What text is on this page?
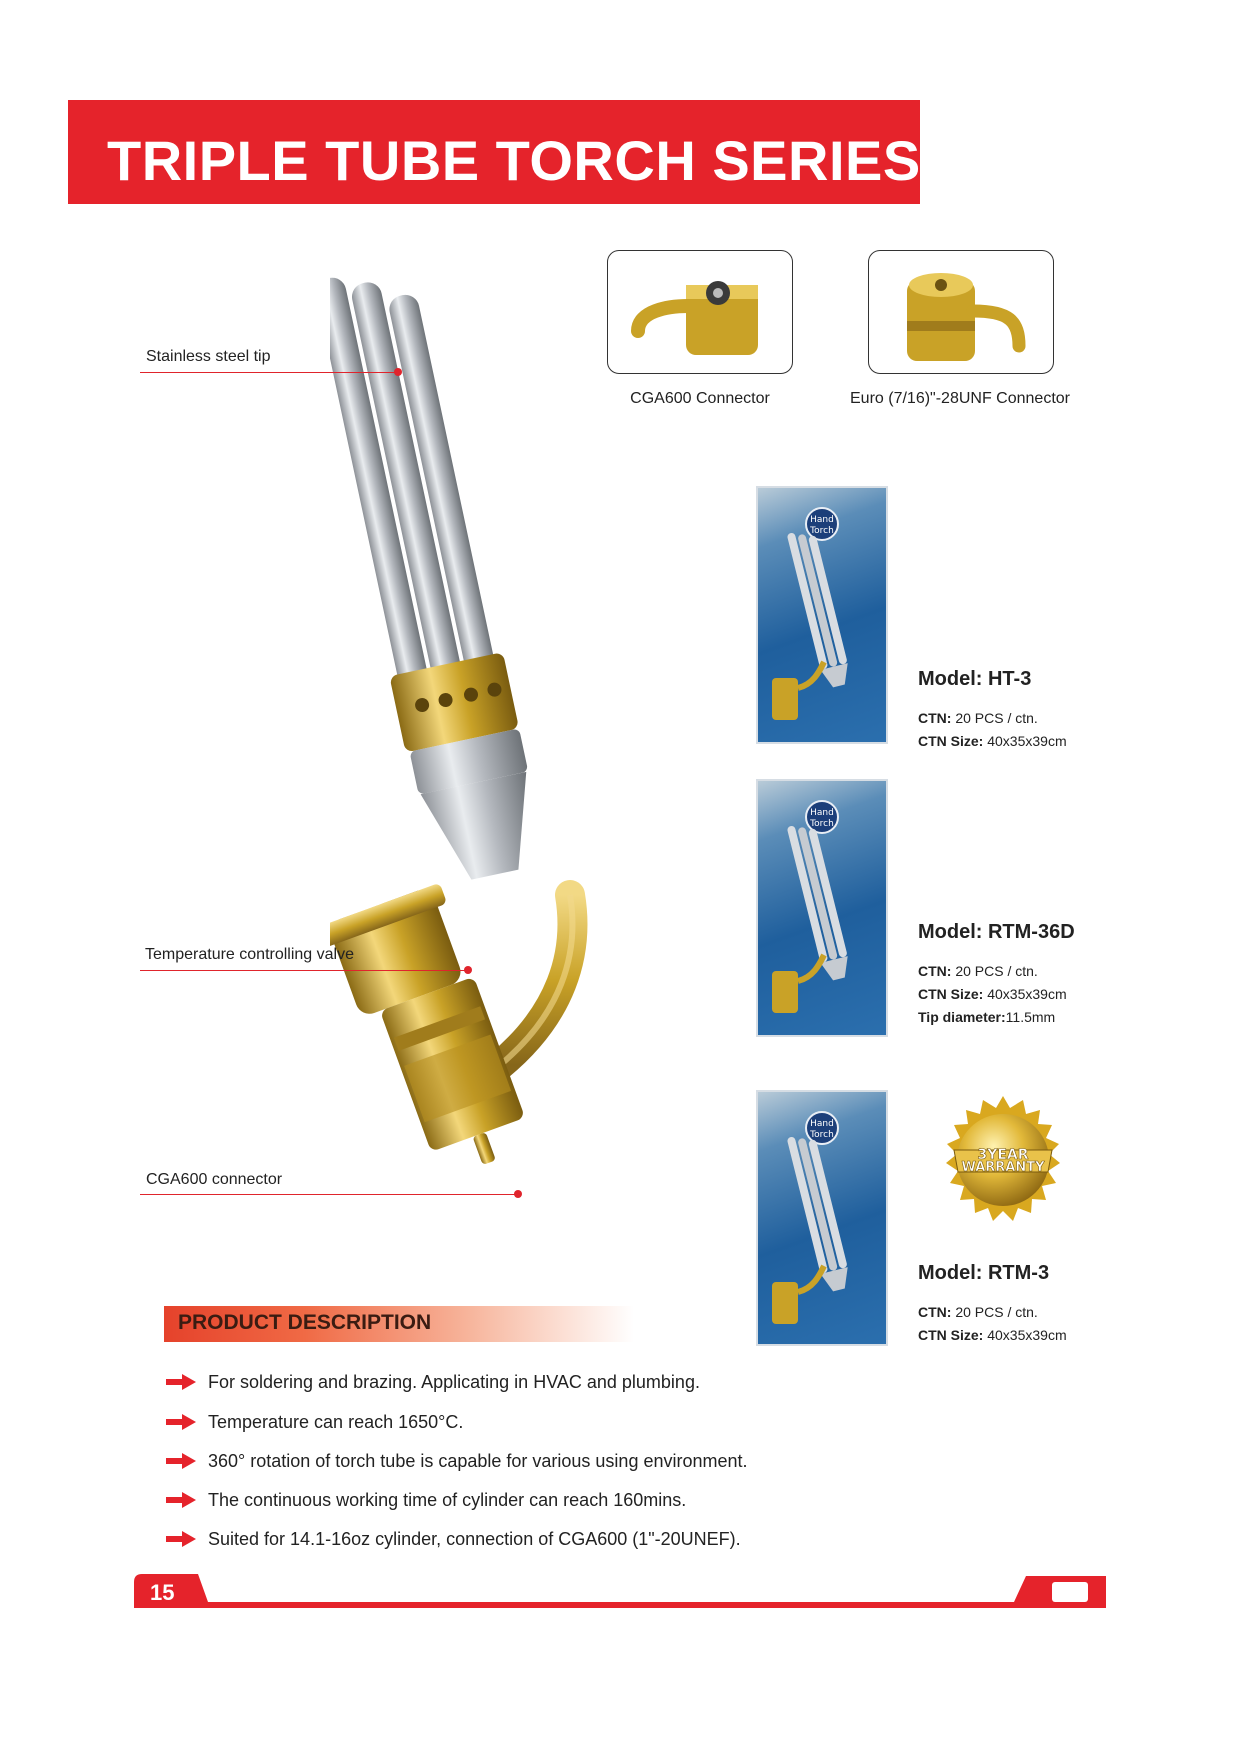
TRIPLE TUBE TORCH SERIES
Stainless steel tip
Temperature controlling valve
CGA600 connector
CGA600 Connector	Euro (7/16)"-28UNF Connector
Hand
Torch
Hand
Torch
Hand
Torch
Model: HT-3
CTN: 20 PCS / ctn.
CTN Size: 40x35x39cm
Model: RTM-36D
CTN: 20 PCS / ctn.
CTN Size: 40x35x39cm
Tip diameter:11.5mm
3YEAR
WARRANTY
Model: RTM-3
CTN: 20 PCS / ctn.
CTN Size: 40x35x39cm
PRODUCT DESCRIPTION
For soldering and brazing. Applicating in HVAC and plumbing.
Temperature can reach 1650°C.
360° rotation of torch tube is capable for various using environment.
The continuous working time of cylinder can reach 160mins.
Suited for 14.1-16oz cylinder, connection of CGA600 (1"-20UNEF).
15
